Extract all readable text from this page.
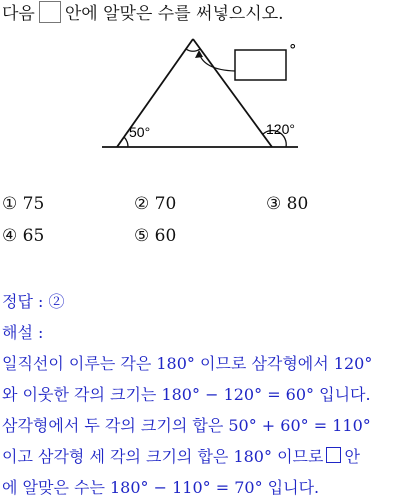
다음 안에 알맞은 수를 써넣으시오.
°
50°	120°
① 75	② 70	③ 80
④ 65	⑤ 60
정답 : ②
해설 :
일직선이 이루는 각은 180° 이므로 삼각형에서 120°
와 이웃한 각의 크기는 180° − 120° = 60° 입니다.
삼각형에서 두 각의 크기의 합은 50° + 60° = 110°
이고 삼각형 세 각의 크기의 합은 180° 이므로 안
에 알맞은 수는 180° − 110° = 70° 입니다.
